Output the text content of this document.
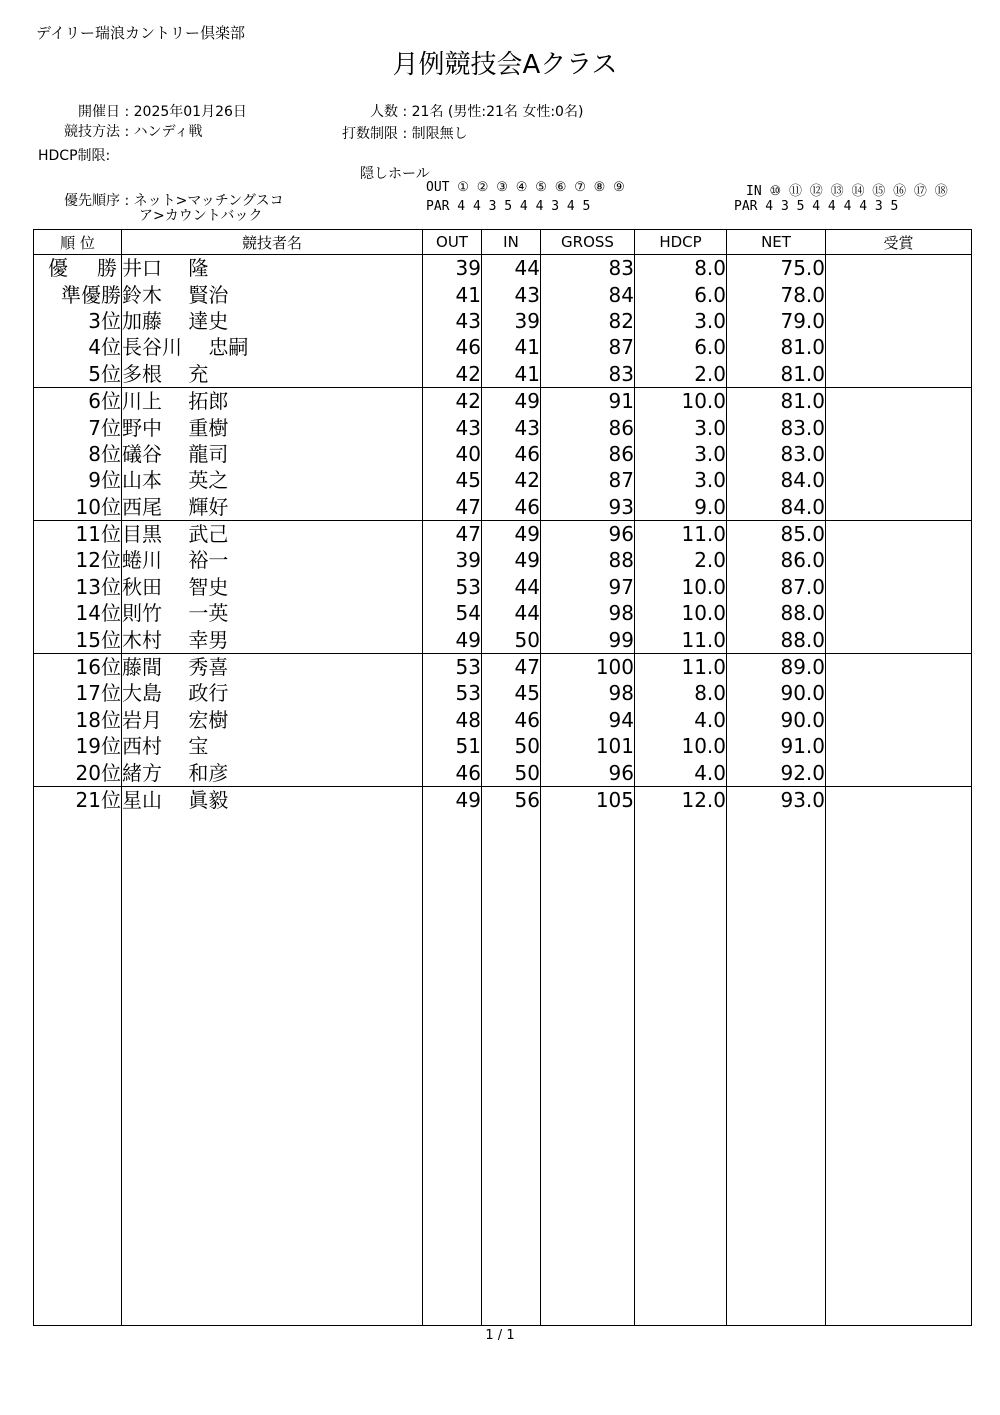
デイリー瑞浪カントリー倶楽部
月例競技会Aクラス
開催日 : 2025年01月26日
競技方法 : ハンディ戦
HDCP制限:
優先順序 : ネット>マッチングスコ
ア>カウントバック
人数 : 21名 (男性:21名 女性:0名)
打数制限 : 制限無し
隠しホール
OUT ① ② ③ ④ ⑤ ⑥ ⑦ ⑧ ⑨
PAR 4 4 3 5 4 4 3 4 5
IN ⑩ ⑪ ⑫ ⑬ ⑭ ⑮ ⑯ ⑰ ⑱
PAR 4 3 5 4 4 4 4 3 5
順 位	競技者名	OUT	IN	GROSS	HDCP	NET	受賞
優 勝	井口　 隆	39	44	83	8.0	75.0	
準優勝	鈴木　 賢治	41	43	84	6.0	78.0	
3位	加藤　 達史	43	39	82	3.0	79.0	
4位	長谷川　 忠嗣	46	41	87	6.0	81.0	
5位	多根　 充	42	41	83	2.0	81.0	
6位	川上　 拓郎	42	49	91	10.0	81.0	
7位	野中　 重樹	43	43	86	3.0	83.0	
8位	礒谷　 龍司	40	46	86	3.0	83.0	
9位	山本　 英之	45	42	87	3.0	84.0	
10位	西尾　 輝好	47	46	93	9.0	84.0	
11位	目黒　 武己	47	49	96	11.0	85.0	
12位	蜷川　 裕一	39	49	88	2.0	86.0	
13位	秋田　 智史	53	44	97	10.0	87.0	
14位	則竹　 一英	54	44	98	10.0	88.0	
15位	木村　 幸男	49	50	99	11.0	88.0	
16位	藤間　 秀喜	53	47	100	11.0	89.0	
17位	大島　 政行	53	45	98	8.0	90.0	
18位	岩月　 宏樹	48	46	94	4.0	90.0	
19位	西村　 宝	51	50	101	10.0	91.0	
20位	緒方　 和彦	46	50	96	4.0	92.0	
21位	星山　 眞毅	49	56	105	12.0	93.0	

1 / 1
